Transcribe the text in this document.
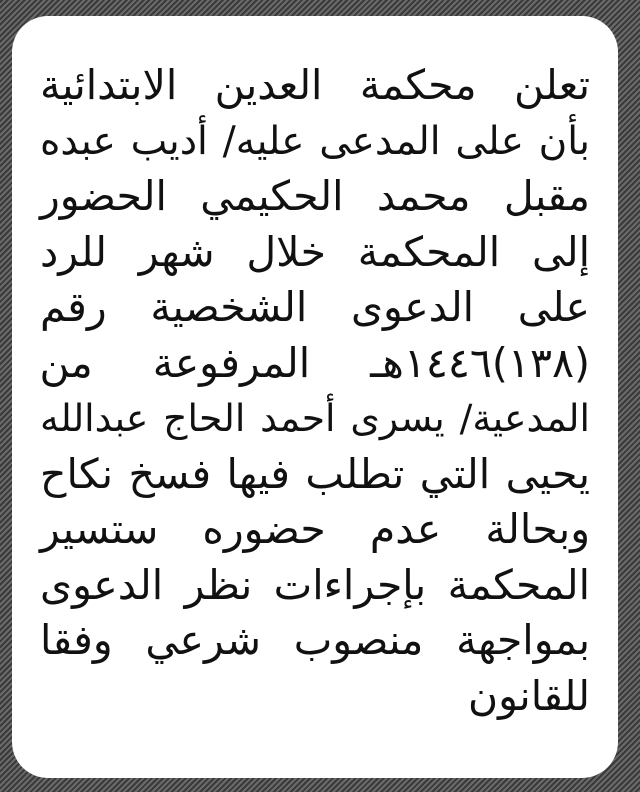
تعلن محكمة العدين الابتدائية
بأن على المدعى عليه/ أديب عبده
مقبل محمد الحكيمي الحضور
إلى المحكمة خلال شهر للرد
على الدعوى الشخصية رقم
(١٣٨)١٤٤٦هـ المرفوعة من
المدعية/ يسرى أحمد الحاج عبدالله
يحيى التي تطلب فيها فسخ نكاح
وبحالة عدم حضوره ستسير
المحكمة بإجراءات نظر الدعوى
بمواجهة منصوب شرعي وفقا
للقانون
